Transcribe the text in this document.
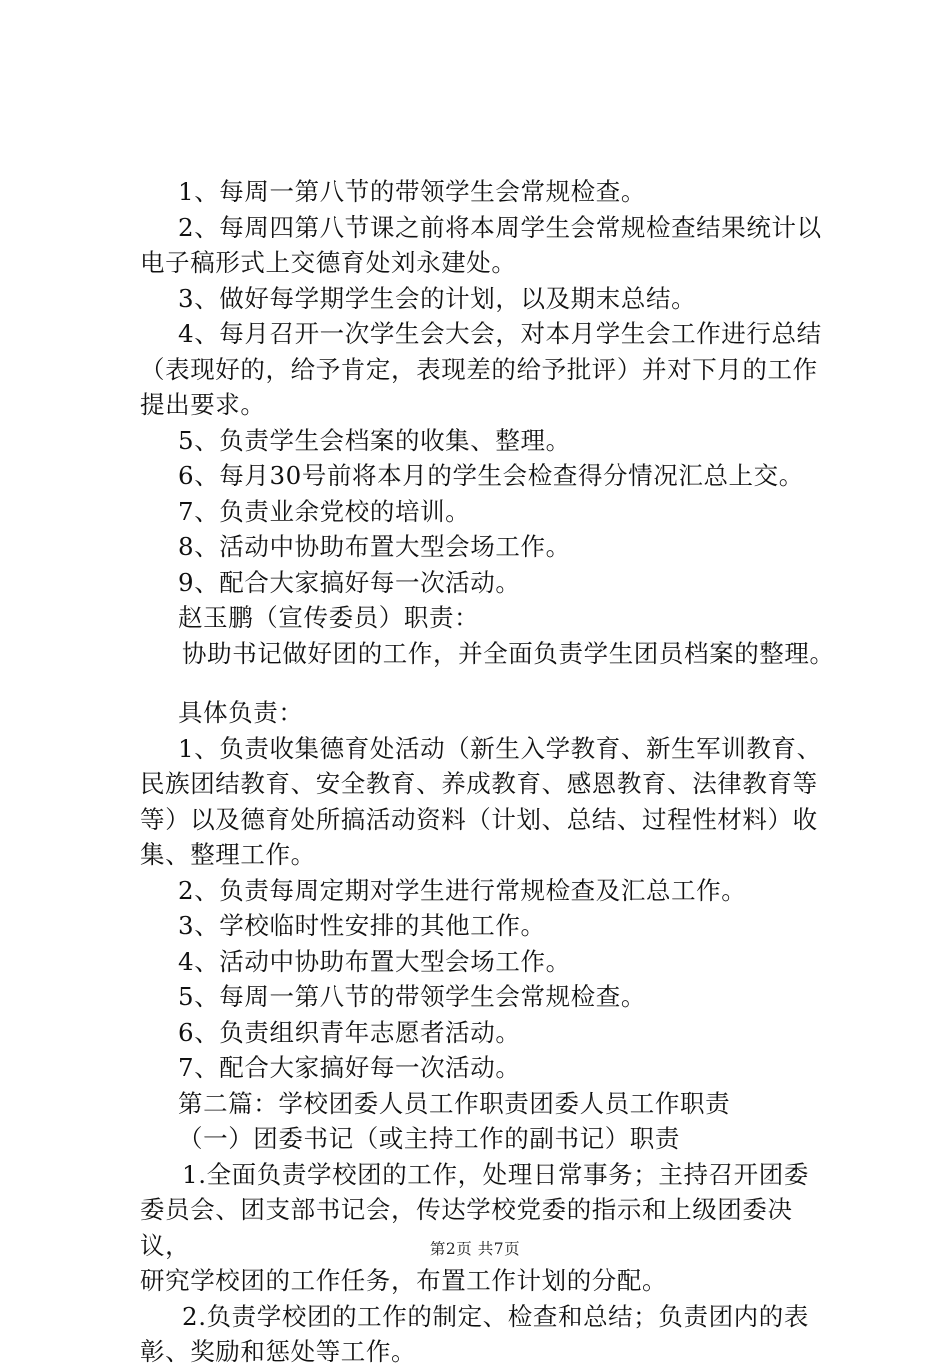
1、每周一第八节的带领学生会常规检查。

2、每周四第八节课之前将本周学生会常规检查结果统计以

电子稿形式上交德育处刘永建处。

3、做好每学期学生会的计划，以及期末总结。

4、每月召开一次学生会大会，对本月学生会工作进行总结

（表现好的，给予肯定，表现差的给予批评）并对下月的工作

提出要求。

5、负责学生会档案的收集、整理。

6、每月30号前将本月的学生会检查得分情况汇总上交。

7、负责业余党校的培训。

8、活动中协助布置大型会场工作。

9、配合大家搞好每一次活动。

赵玉鹏（宣传委员）职责：

协助书记做好团的工作，并全面负责学生团员档案的整理。

具体负责：

1、负责收集德育处活动（新生入学教育、新生军训教育、

民族团结教育、安全教育、养成教育、感恩教育、法律教育等

等）以及德育处所搞活动资料（计划、总结、过程性材料）收

集、整理工作。

2、负责每周定期对学生进行常规检查及汇总工作。

3、学校临时性安排的其他工作。

4、活动中协助布置大型会场工作。

5、每周一第八节的带领学生会常规检查。

6、负责组织青年志愿者活动。

7、配合大家搞好每一次活动。

第二篇：学校团委人员工作职责团委人员工作职责

（一）团委书记（或主持工作的副书记）职责

1.全面负责学校团的工作，处理日常事务；主持召开团委

委员会、团支部书记会，传达学校党委的指示和上级团委决议，

研究学校团的工作任务，布置工作计划的分配。

2.负责学校团的工作的制定、检查和总结；负责团内的表

彰、奖励和惩处等工作。

第2页 共7页
